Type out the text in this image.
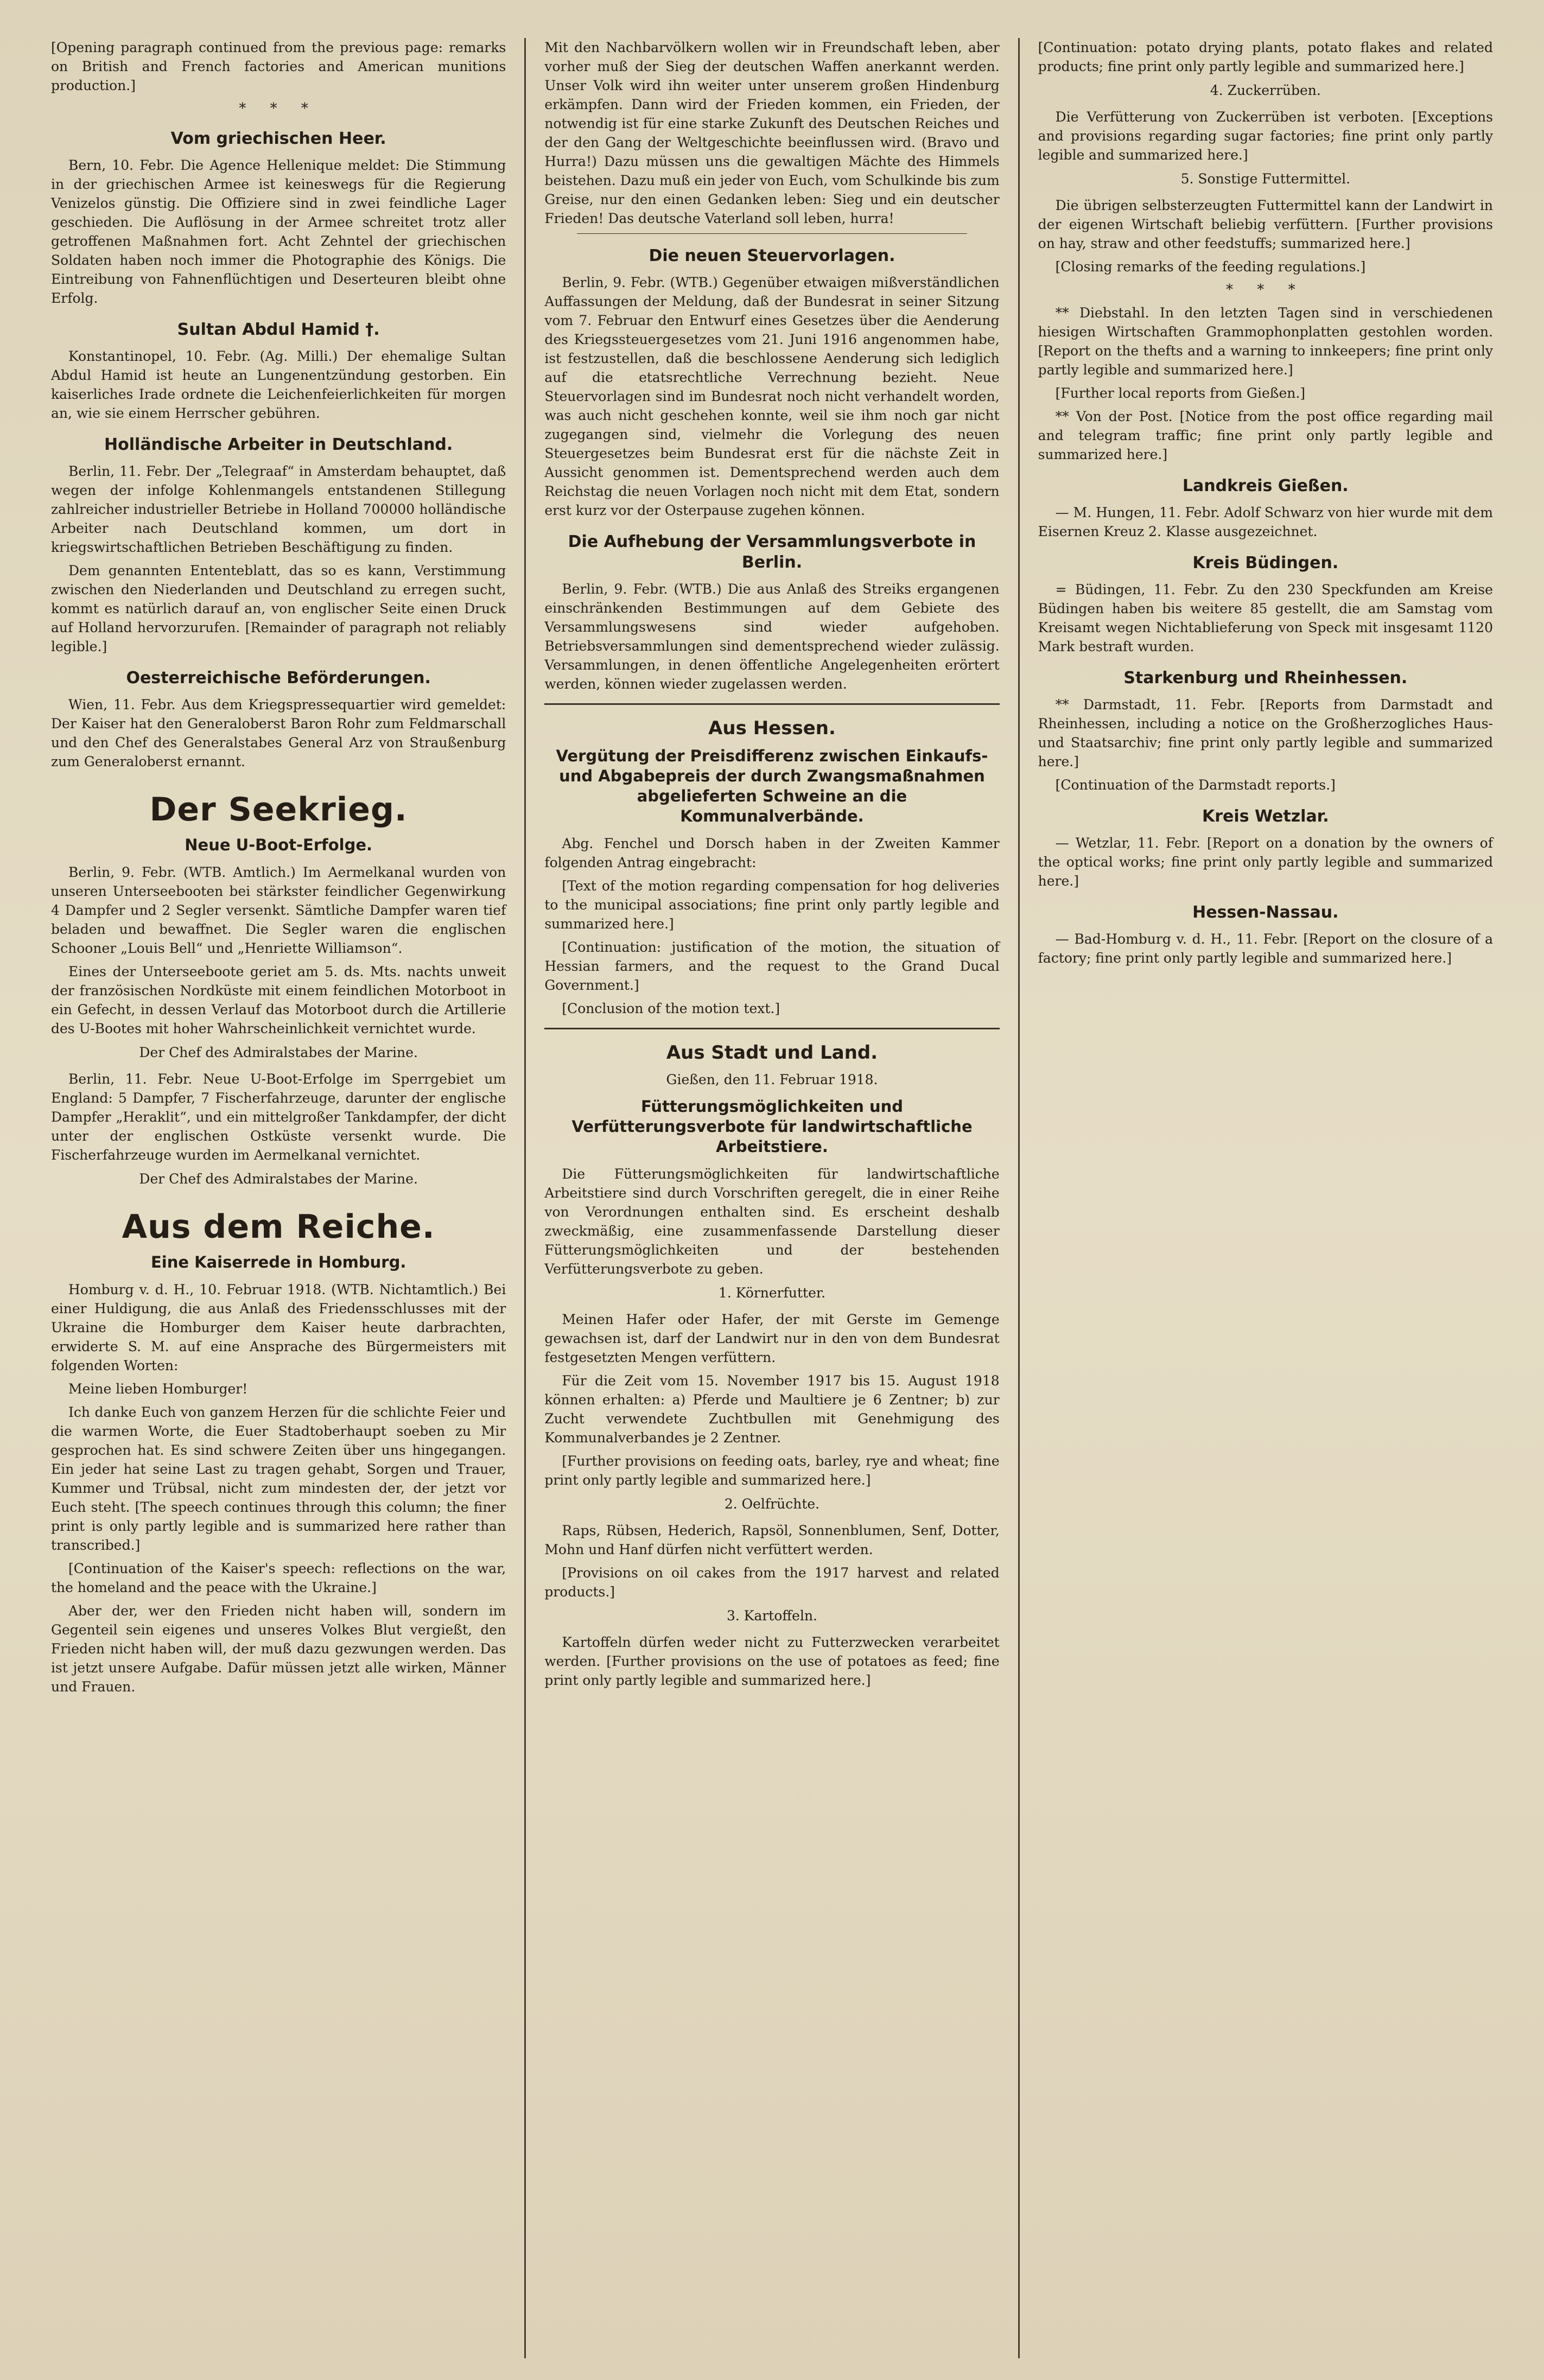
[Opening paragraph continued from the previous page: remarks on British and French factories and American munitions production.]
* * *
Vom griechischen Heer.
Bern, 10. Febr. Die Agence Hellenique meldet: Die Stimmung in der griechischen Armee ist keineswegs für die Regierung Venizelos günstig. Die Offiziere sind in zwei feindliche Lager geschieden. Die Auflösung in der Armee schreitet trotz aller getroffenen Maßnahmen fort. Acht Zehntel der griechischen Soldaten haben noch immer die Photographie des Königs. Die Eintreibung von Fahnenflüchtigen und Deserteuren bleibt ohne Erfolg.
Sultan Abdul Hamid †.
Konstantinopel, 10. Febr. (Ag. Milli.) Der ehemalige Sultan Abdul Hamid ist heute an Lungenentzündung gestorben. Ein kaiserliches Irade ordnete die Leichenfeierlichkeiten für morgen an, wie sie einem Herrscher gebühren.
Holländische Arbeiter in Deutschland.
Berlin, 11. Febr. Der „Telegraaf“ in Amsterdam behauptet, daß wegen der infolge Kohlenmangels entstandenen Stillegung zahlreicher industrieller Betriebe in Holland 700000 holländische Arbeiter nach Deutschland kommen, um dort in kriegswirtschaftlichen Betrieben Beschäftigung zu finden.
Dem genannten Ententeblatt, das so es kann, Verstimmung zwischen den Niederlanden und Deutschland zu erregen sucht, kommt es natürlich darauf an, von englischer Seite einen Druck auf Holland hervorzurufen. [Remainder of paragraph not reliably legible.]
Oesterreichische Beförderungen.
Wien, 11. Febr. Aus dem Kriegspressequartier wird gemeldet: Der Kaiser hat den Generaloberst Baron Rohr zum Feldmarschall und den Chef des Generalstabes General Arz von Straußenburg zum Generaloberst ernannt.
Der Seekrieg.
Neue U-Boot-Erfolge.
Berlin, 9. Febr. (WTB. Amtlich.) Im Aermelkanal wurden von unseren Unterseebooten bei stärkster feindlicher Gegenwirkung 4 Dampfer und 2 Segler versenkt. Sämtliche Dampfer waren tief beladen und bewaffnet. Die Segler waren die englischen Schooner „Louis Bell“ und „Henriette Williamson“.
Eines der Unterseeboote geriet am 5. ds. Mts. nachts unweit der französischen Nordküste mit einem feindlichen Motorboot in ein Gefecht, in dessen Verlauf das Motorboot durch die Artillerie des U-Bootes mit hoher Wahrscheinlichkeit vernichtet wurde.
Der Chef des Admiralstabes der Marine.
Berlin, 11. Febr. Neue U-Boot-Erfolge im Sperrgebiet um England: 5 Dampfer, 7 Fischerfahrzeuge, darunter der englische Dampfer „Heraklit“, und ein mittelgroßer Tankdampfer, der dicht unter der englischen Ostküste versenkt wurde. Die Fischerfahrzeuge wurden im Aermelkanal vernichtet.
Der Chef des Admiralstabes der Marine.
Aus dem Reiche.
Eine Kaiserrede in Homburg.
Homburg v. d. H., 10. Februar 1918. (WTB. Nichtamtlich.) Bei einer Huldigung, die aus Anlaß des Friedensschlusses mit der Ukraine die Homburger dem Kaiser heute darbrachten, erwiderte S. M. auf eine Ansprache des Bürgermeisters mit folgenden Worten:
Meine lieben Homburger!
Ich danke Euch von ganzem Herzen für die schlichte Feier und die warmen Worte, die Euer Stadtoberhaupt soeben zu Mir gesprochen hat. Es sind schwere Zeiten über uns hingegangen. Ein jeder hat seine Last zu tragen gehabt, Sorgen und Trauer, Kummer und Trübsal, nicht zum mindesten der, der jetzt vor Euch steht. [The speech continues through this column; the finer print is only partly legible and is summarized here rather than transcribed.]
[Continuation of the Kaiser's speech: reflections on the war, the homeland and the peace with the Ukraine.]
Aber der, wer den Frieden nicht haben will, sondern im Gegenteil sein eigenes und unseres Volkes Blut vergießt, den Frieden nicht haben will, der muß dazu gezwungen werden. Das ist jetzt unsere Aufgabe. Dafür müssen jetzt alle wirken, Männer und Frauen.
Mit den Nachbarvölkern wollen wir in Freundschaft leben, aber vorher muß der Sieg der deutschen Waffen anerkannt werden. Unser Volk wird ihn weiter unter unserem großen Hindenburg erkämpfen. Dann wird der Frieden kommen, ein Frieden, der notwendig ist für eine starke Zukunft des Deutschen Reiches und der den Gang der Weltgeschichte beeinflussen wird. (Bravo und Hurra!) Dazu müssen uns die gewaltigen Mächte des Himmels beistehen. Dazu muß ein jeder von Euch, vom Schulkinde bis zum Greise, nur den einen Gedanken leben: Sieg und ein deutscher Frieden! Das deutsche Vaterland soll leben, hurra!
Die neuen Steuervorlagen.
Berlin, 9. Febr. (WTB.) Gegenüber etwaigen mißverständlichen Auffassungen der Meldung, daß der Bundesrat in seiner Sitzung vom 7. Februar den Entwurf eines Gesetzes über die Aenderung des Kriegssteuergesetzes vom 21. Juni 1916 angenommen habe, ist festzustellen, daß die beschlossene Aenderung sich lediglich auf die etatsrechtliche Verrechnung bezieht. Neue Steuervorlagen sind im Bundesrat noch nicht verhandelt worden, was auch nicht geschehen konnte, weil sie ihm noch gar nicht zugegangen sind, vielmehr die Vorlegung des neuen Steuergesetzes beim Bundesrat erst für die nächste Zeit in Aussicht genommen ist. Dementsprechend werden auch dem Reichstag die neuen Vorlagen noch nicht mit dem Etat, sondern erst kurz vor der Osterpause zugehen können.
Die Aufhebung der Versammlungsverbote in Berlin.
Berlin, 9. Febr. (WTB.) Die aus Anlaß des Streiks ergangenen einschränkenden Bestimmungen auf dem Gebiete des Versammlungswesens sind wieder aufgehoben. Betriebsversammlungen sind dementsprechend wieder zulässig. Versammlungen, in denen öffentliche Angelegenheiten erörtert werden, können wieder zugelassen werden.
Aus Hessen.
Vergütung der Preisdifferenz zwischen Einkaufs- und Abgabepreis der durch Zwangsmaßnahmen abgelieferten Schweine an die Kommunalverbände.
Abg. Fenchel und Dorsch haben in der Zweiten Kammer folgenden Antrag eingebracht:
[Text of the motion regarding compensation for hog deliveries to the municipal associations; fine print only partly legible and summarized here.]
[Continuation: justification of the motion, the situation of Hessian farmers, and the request to the Grand Ducal Government.]
[Conclusion of the motion text.]
Aus Stadt und Land.
Gießen, den 11. Februar 1918.
Fütterungsmöglichkeiten und Verfütterungsverbote für landwirtschaftliche Arbeitstiere.
Die Fütterungsmöglichkeiten für landwirtschaftliche Arbeitstiere sind durch Vorschriften geregelt, die in einer Reihe von Verordnungen enthalten sind. Es erscheint deshalb zweckmäßig, eine zusammenfassende Darstellung dieser Fütterungsmöglichkeiten und der bestehenden Verfütterungsverbote zu geben.
1. Körnerfutter.
Meinen Hafer oder Hafer, der mit Gerste im Gemenge gewachsen ist, darf der Landwirt nur in den von dem Bundesrat festgesetzten Mengen verfüttern.
Für die Zeit vom 15. November 1917 bis 15. August 1918 können erhalten: a) Pferde und Maultiere je 6 Zentner; b) zur Zucht verwendete Zuchtbullen mit Genehmigung des Kommunalverbandes je 2 Zentner.
[Further provisions on feeding oats, barley, rye and wheat; fine print only partly legible and summarized here.]
2. Oelfrüchte.
Raps, Rübsen, Hederich, Rapsöl, Sonnenblumen, Senf, Dotter, Mohn und Hanf dürfen nicht verfüttert werden.
[Provisions on oil cakes from the 1917 harvest and related products.]
3. Kartoffeln.
Kartoffeln dürfen weder nicht zu Futterzwecken verarbeitet werden. [Further provisions on the use of potatoes as feed; fine print only partly legible and summarized here.]
[Continuation: potato drying plants, potato flakes and related products; fine print only partly legible and summarized here.]
4. Zuckerrüben.
Die Verfütterung von Zuckerrüben ist verboten. [Exceptions and provisions regarding sugar factories; fine print only partly legible and summarized here.]
5. Sonstige Futtermittel.
Die übrigen selbsterzeugten Futtermittel kann der Landwirt in der eigenen Wirtschaft beliebig verfüttern. [Further provisions on hay, straw and other feedstuffs; summarized here.]
[Closing remarks of the feeding regulations.]
* * *
** Diebstahl. In den letzten Tagen sind in verschiedenen hiesigen Wirtschaften Grammophonplatten gestohlen worden. [Report on the thefts and a warning to innkeepers; fine print only partly legible and summarized here.]
[Further local reports from Gießen.]
** Von der Post. [Notice from the post office regarding mail and telegram traffic; fine print only partly legible and summarized here.]
Landkreis Gießen.
— M. Hungen, 11. Febr. Adolf Schwarz von hier wurde mit dem Eisernen Kreuz 2. Klasse ausgezeichnet.
Kreis Büdingen.
= Büdingen, 11. Febr. Zu den 230 Speckfunden am Kreise Büdingen haben bis weitere 85 gestellt, die am Samstag vom Kreisamt wegen Nichtablieferung von Speck mit insgesamt 1120 Mark bestraft wurden.
Starkenburg und Rheinhessen.
** Darmstadt, 11. Febr. [Reports from Darmstadt and Rheinhessen, including a notice on the Großherzogliches Haus- und Staatsarchiv; fine print only partly legible and summarized here.]
[Continuation of the Darmstadt reports.]
Kreis Wetzlar.
— Wetzlar, 11. Febr. [Report on a donation by the owners of the optical works; fine print only partly legible and summarized here.]
Hessen-Nassau.
— Bad-Homburg v. d. H., 11. Febr. [Report on the closure of a factory; fine print only partly legible and summarized here.]
